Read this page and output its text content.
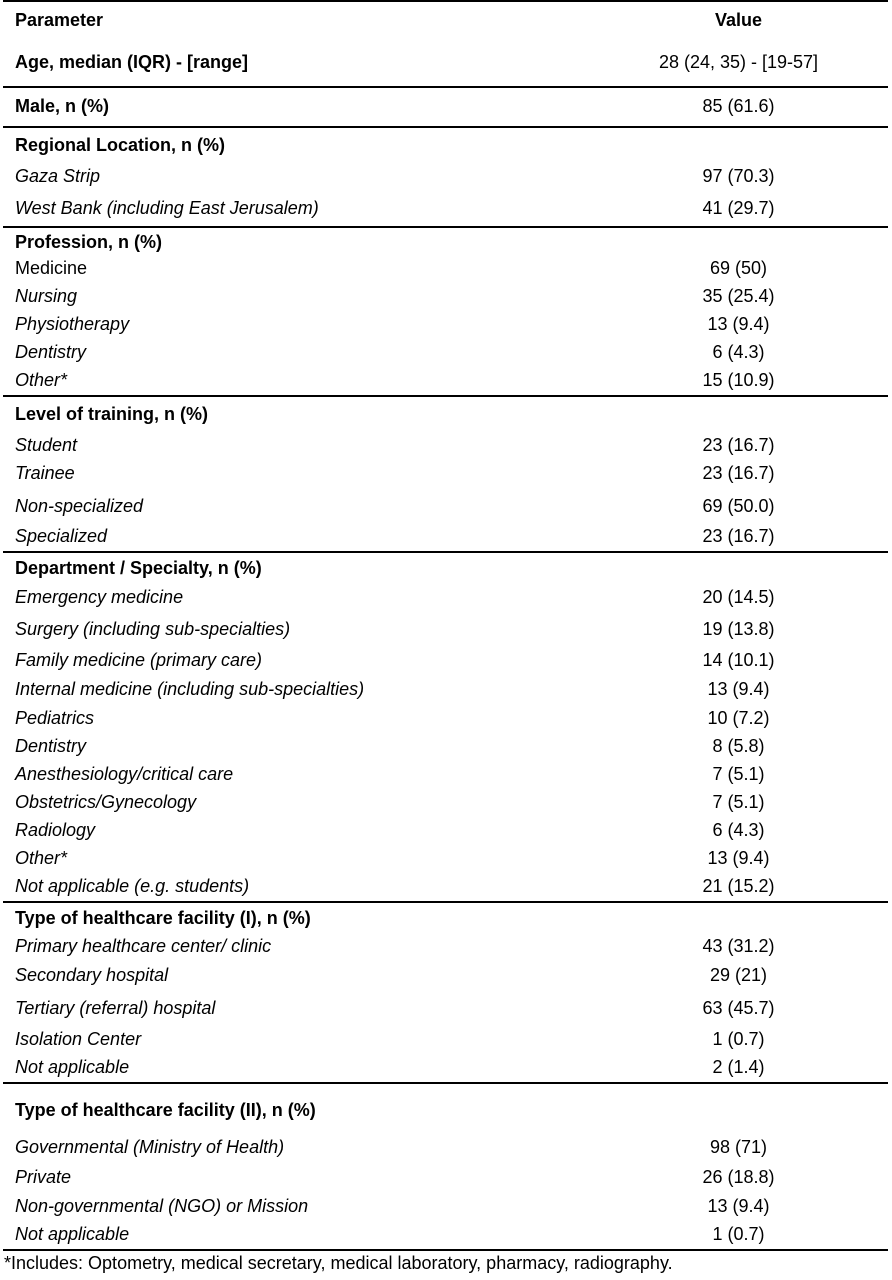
Parameter	Value
Age, median (IQR) - [range]	28 (24, 35) - [19-57]
Male, n (%)	85 (61.6)
Regional Location, n (%)
Gaza Strip	97 (70.3)
West Bank (including East Jerusalem)	41 (29.7)
Profession, n (%)
Medicine	69 (50)
Nursing	35 (25.4)
Physiotherapy	13 (9.4)
Dentistry	6 (4.3)
Other*	15 (10.9)
Level of training, n (%)
Student	23 (16.7)
Trainee	23 (16.7)
Non-specialized	69 (50.0)
Specialized	23 (16.7)
Department / Specialty, n (%)
Emergency medicine	20 (14.5)
Surgery (including sub-specialties)	19 (13.8)
Family medicine (primary care)	14 (10.1)
Internal medicine (including sub-specialties)	13 (9.4)
Pediatrics	10 (7.2)
Dentistry	8 (5.8)
Anesthesiology/critical care	7 (5.1)
Obstetrics/Gynecology	7 (5.1)
Radiology	6 (4.3)
Other*	13 (9.4)
Not applicable (e.g. students)	21 (15.2)
Type of healthcare facility (I), n (%)
Primary healthcare center/ clinic	43 (31.2)
Secondary hospital	29 (21)
Tertiary (referral) hospital	63 (45.7)
Isolation Center	1 (0.7)
Not applicable	2 (1.4)
Type of healthcare facility (II), n (%)
Governmental (Ministry of Health)	98 (71)
Private	26 (18.8)
Non-governmental (NGO) or Mission	13 (9.4)
Not applicable	1 (0.7)
*Includes: Optometry, medical secretary, medical laboratory, pharmacy, radiography.
